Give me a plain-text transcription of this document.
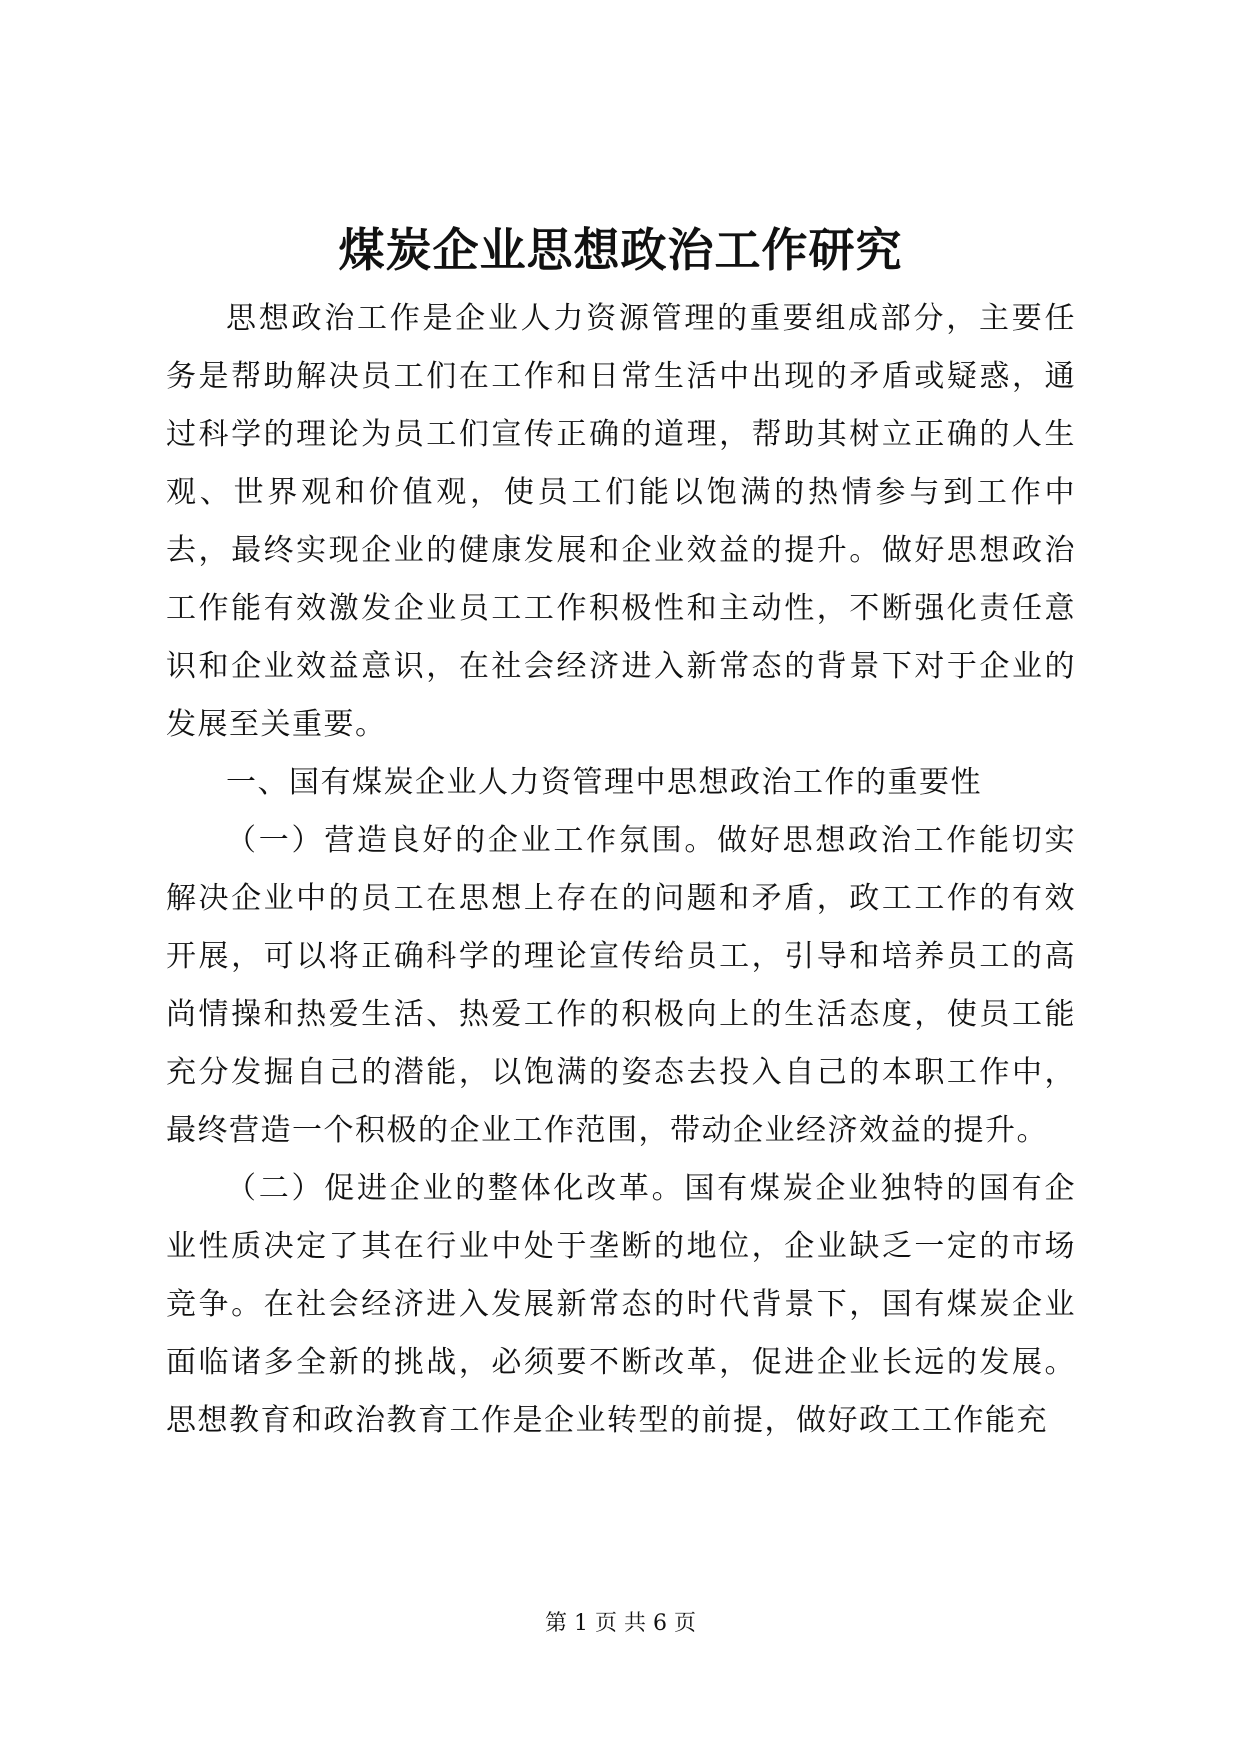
煤炭企业思想政治工作研究

思想政治工作是企业人力资源管理的重要组成部分，主要任务是帮助解决员工们在工作和日常生活中出现的矛盾或疑惑，通过科学的理论为员工们宣传正确的道理，帮助其树立正确的人生观、世界观和价值观，使员工们能以饱满的热情参与到工作中去，最终实现企业的健康发展和企业效益的提升。做好思想政治工作能有效激发企业员工工作积极性和主动性，不断强化责任意识和企业效益意识，在社会经济进入新常态的背景下对于企业的发展至关重要。

一、国有煤炭企业人力资管理中思想政治工作的重要性

（一）营造良好的企业工作氛围。做好思想政治工作能切实解决企业中的员工在思想上存在的问题和矛盾，政工工作的有效开展，可以将正确科学的理论宣传给员工，引导和培养员工的高尚情操和热爱生活、热爱工作的积极向上的生活态度，使员工能充分发掘自己的潜能，以饱满的姿态去投入自己的本职工作中，最终营造一个积极的企业工作范围，带动企业经济效益的提升。

（二）促进企业的整体化改革。国有煤炭企业独特的国有企业性质决定了其在行业中处于垄断的地位，企业缺乏一定的市场竞争。在社会经济进入发展新常态的时代背景下，国有煤炭企业面临诸多全新的挑战，必须要不断改革，促进企业长远的发展。思想教育和政治教育工作是企业转型的前提，做好政工工作能充

第 1 页 共 6 页
